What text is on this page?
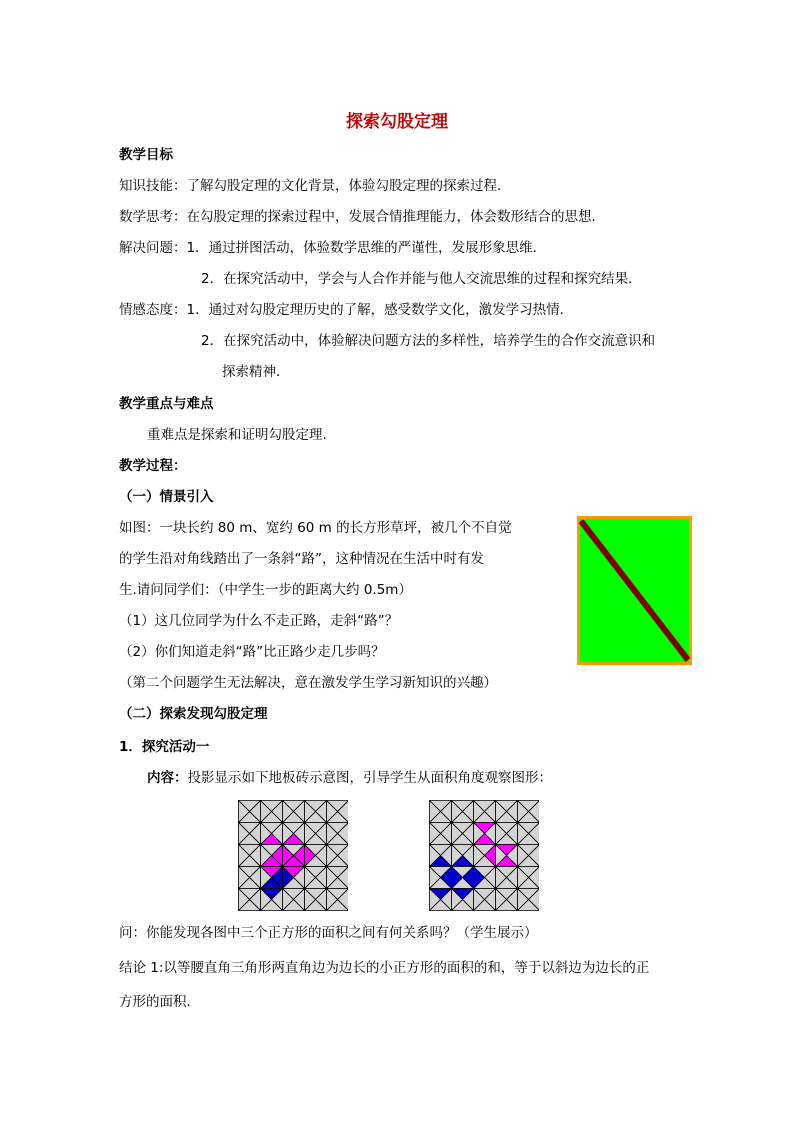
探索勾股定理
教学目标
知识技能：了解勾股定理的文化背景，体验勾股定理的探索过程．
数学思考：在勾股定理的探索过程中，发展合情推理能力，体会数形结合的思想．
解决问题：1．通过拼图活动，体验数学思维的严谨性，发展形象思维．
2．在探究活动中，学会与人合作并能与他人交流思维的过程和探究结果．
情感态度：1．通过对勾股定理历史的了解，感受数学文化，激发学习热情．
2．在探究活动中，体验解决问题方法的多样性，培养学生的合作交流意识和
探索精神．
教学重点与难点
重难点是探索和证明勾股定理.
教学过程：
（一）情景引入
如图：一块长约 80 m、宽约 60 m 的长方形草坪，被几个不自觉
的学生沿对角线踏出了一条斜“路”，这种情况在生活中时有发
生.请问同学们：（中学生一步的距离大约 0.5m）
（1）这几位同学为什么不走正路，走斜“路”？
（2）你们知道走斜“路”比正路少走几步吗？
（第二个问题学生无法解决，意在激发学生学习新知识的兴趣）
（二）探索发现勾股定理
1．探究活动一
内容：投影显示如下地板砖示意图，引导学生从面积角度观察图形：
问：你能发现各图中三个正方形的面积之间有何关系吗？（学生展示）
结论 1:以等腰直角三角形两直角边为边长的小正方形的面积的和，等于以斜边为边长的正
方形的面积．
